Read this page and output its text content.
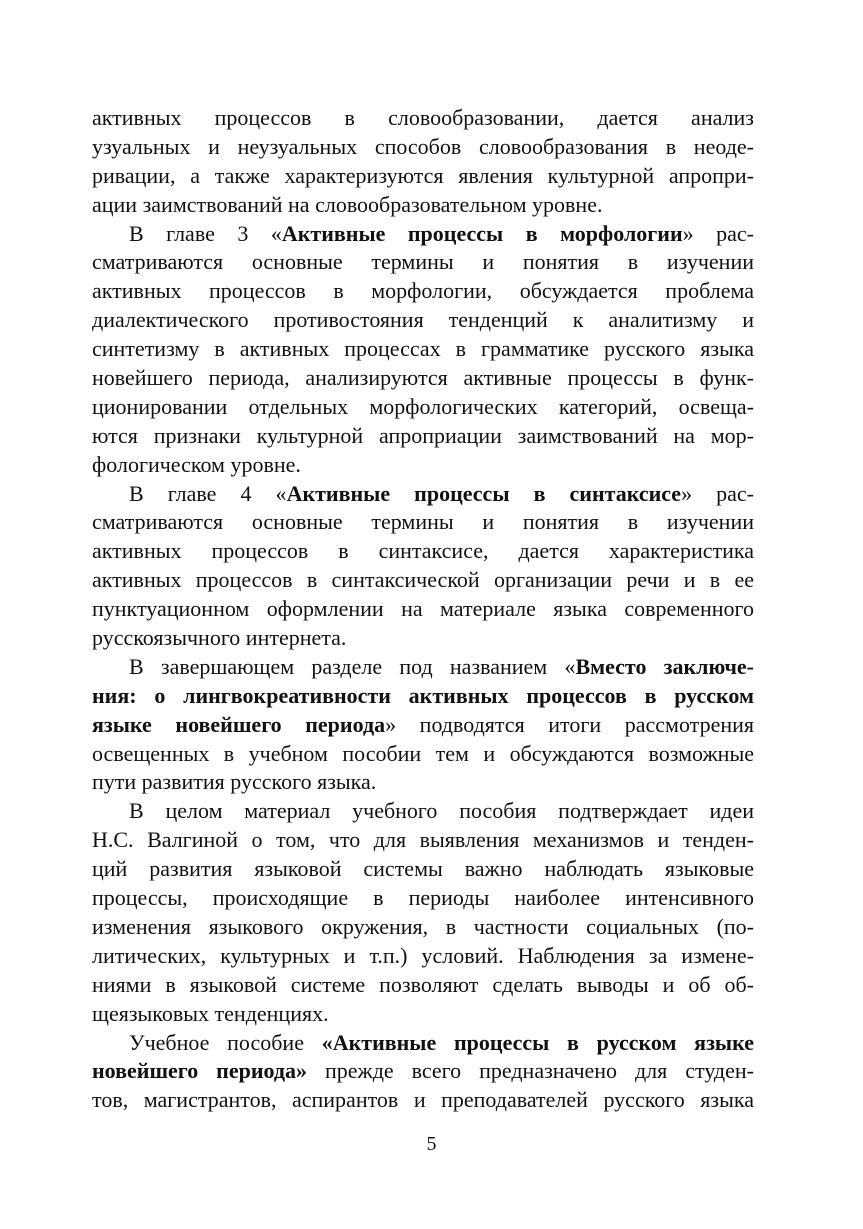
активных процессов в словообразовании, дается анализ
узуальных и неузуальных способов словообразования в неоде-
ривации, а также характеризуются явления культурной апропри-
ации заимствований на словообразовательном уровне.
В главе 3 «Активные процессы в морфологии» рас-
сматриваются основные термины и понятия в изучении
активных процессов в морфологии, обсуждается проблема
диалектического противостояния тенденций к аналитизму и
синтетизму в активных процессах в грамматике русского языка
новейшего периода, анализируются активные процессы в функ-
ционировании отдельных морфологических категорий, освеща-
ются признаки культурной апроприации заимствований на мор-
фологическом уровне.
В главе 4 «Активные процессы в синтаксисе» рас-
сматриваются основные термины и понятия в изучении
активных процессов в синтаксисе, дается характеристика
активных процессов в синтаксической организации речи и в ее
пунктуационном оформлении на материале языка современного
русскоязычного интернета.
В завершающем разделе под названием «Вместо заключе-
ния: о лингвокреативности активных процессов в русском
языке новейшего периода» подводятся итоги рассмотрения
освещенных в учебном пособии тем и обсуждаются возможные
пути развития русского языка.
В целом материал учебного пособия подтверждает идеи
Н.С. Валгиной о том, что для выявления механизмов и тенден-
ций развития языковой системы важно наблюдать языковые
процессы, происходящие в периоды наиболее интенсивного
изменения языкового окружения, в частности социальных (по-
литических, культурных и т.п.) условий. Наблюдения за измене-
ниями в языковой системе позволяют сделать выводы и об об-
щеязыковых тенденциях.
Учебное пособие «Активные процессы в русском языке
новейшего периода» прежде всего предназначено для студен-
тов, магистрантов, аспирантов и преподавателей русского языка
5
